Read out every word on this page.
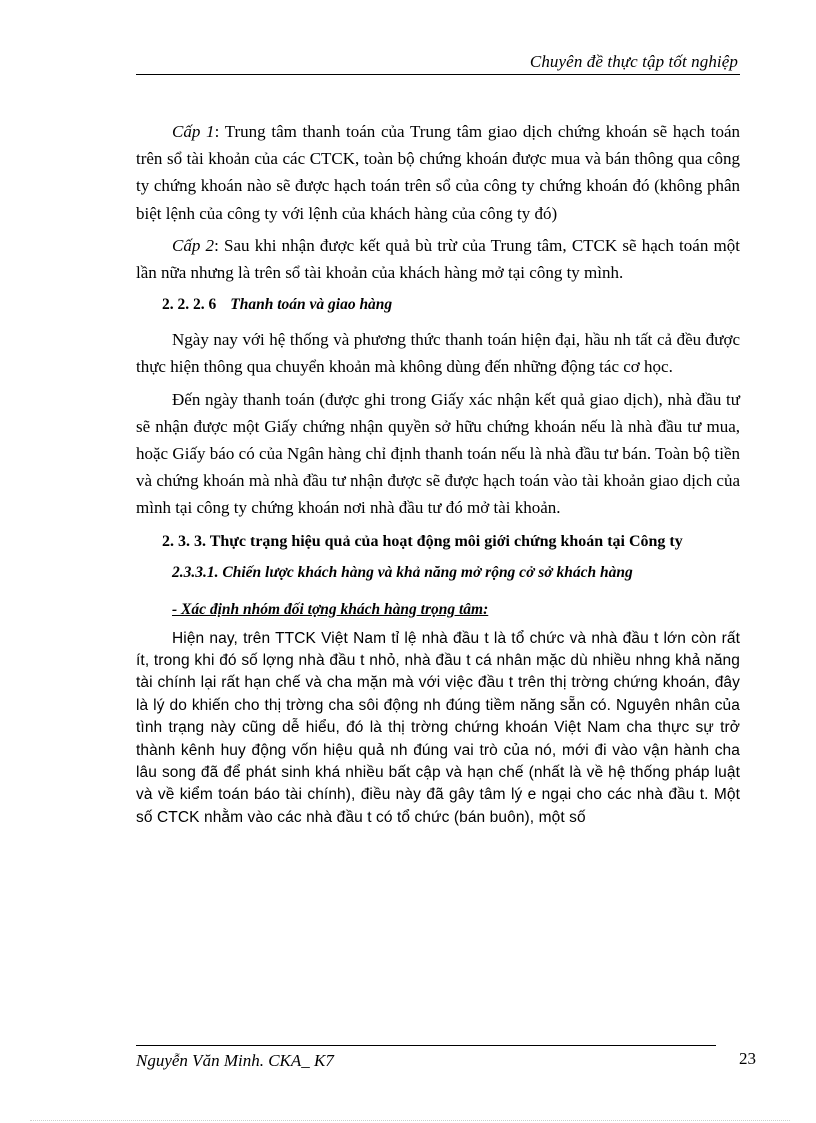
Chuyên đề thực tập tốt nghiệp

Cấp 1: Trung tâm thanh toán của Trung tâm giao dịch chứng khoán sẽ hạch toán trên sổ tài khoản của các CTCK, toàn bộ chứng khoán được mua và bán thông qua công ty chứng khoán nào sẽ được hạch toán trên sổ của công ty chứng khoán đó (không phân biệt lệnh của công ty với lệnh của khách hàng của công ty đó)

Cấp 2: Sau khi nhận được kết quả bù trừ của Trung tâm, CTCK sẽ hạch toán một lần nữa nhưng là trên sổ tài khoản của khách hàng mở tại công ty mình.

2. 2. 2. 6 Thanh toán và giao hàng

Ngày nay với hệ thống và phương thức thanh toán hiện đại, hầu nh tất cả đều được thực hiện thông qua chuyển khoản mà không dùng đến những động tác cơ học.

Đến ngày thanh toán (được ghi trong Giấy xác nhận kết quả giao dịch), nhà đầu tư sẽ nhận được một Giấy chứng nhận quyền sở hữu chứng khoán nếu là nhà đầu tư mua, hoặc Giấy báo có của Ngân hàng chỉ định thanh toán nếu là nhà đầu tư bán. Toàn bộ tiền và chứng khoán mà nhà đầu tư nhận được sẽ được hạch toán vào tài khoản giao dịch của mình tại công ty chứng khoán nơi nhà đầu tư đó mở tài khoản.

2. 3. 3. Thực trạng hiệu quả của hoạt động môi giới chứng khoán tại Công ty

2.3.3.1. Chiến lược khách hàng và khả năng mở rộng cở sở khách hàng

- Xác định nhóm đối tợng khách hàng trọng tâm:

Hiện nay, trên TTCK Việt Nam tỉ lệ nhà đầu t là tổ chức và nhà đầu t lớn còn rất ít, trong khi đó số lợng nhà đầu t nhỏ, nhà đầu t cá nhân mặc dù nhiều nhng khả năng tài chính lại rất hạn chế và cha mặn mà với việc đầu t trên thị trờng chứng khoán, đây là lý do khiến cho thị trờng cha sôi động nh đúng tiềm năng sẵn có. Nguyên nhân của tình trạng này cũng dễ hiểu, đó là thị trờng chứng khoán Việt Nam cha thực sự trở thành kênh huy động vốn hiệu quả nh đúng vai trò của nó, mới đi vào vận hành cha lâu song đã để phát sinh khá nhiều bất cập và hạn chế (nhất là về hệ thống pháp luật và về kiểm toán báo tài chính), điều này đã gây tâm lý e ngại cho các nhà đầu t. Một số CTCK nhằm vào các nhà đầu t có tổ chức (bán buôn), một số

Nguyễn Văn Minh. CKA_ K7	23
